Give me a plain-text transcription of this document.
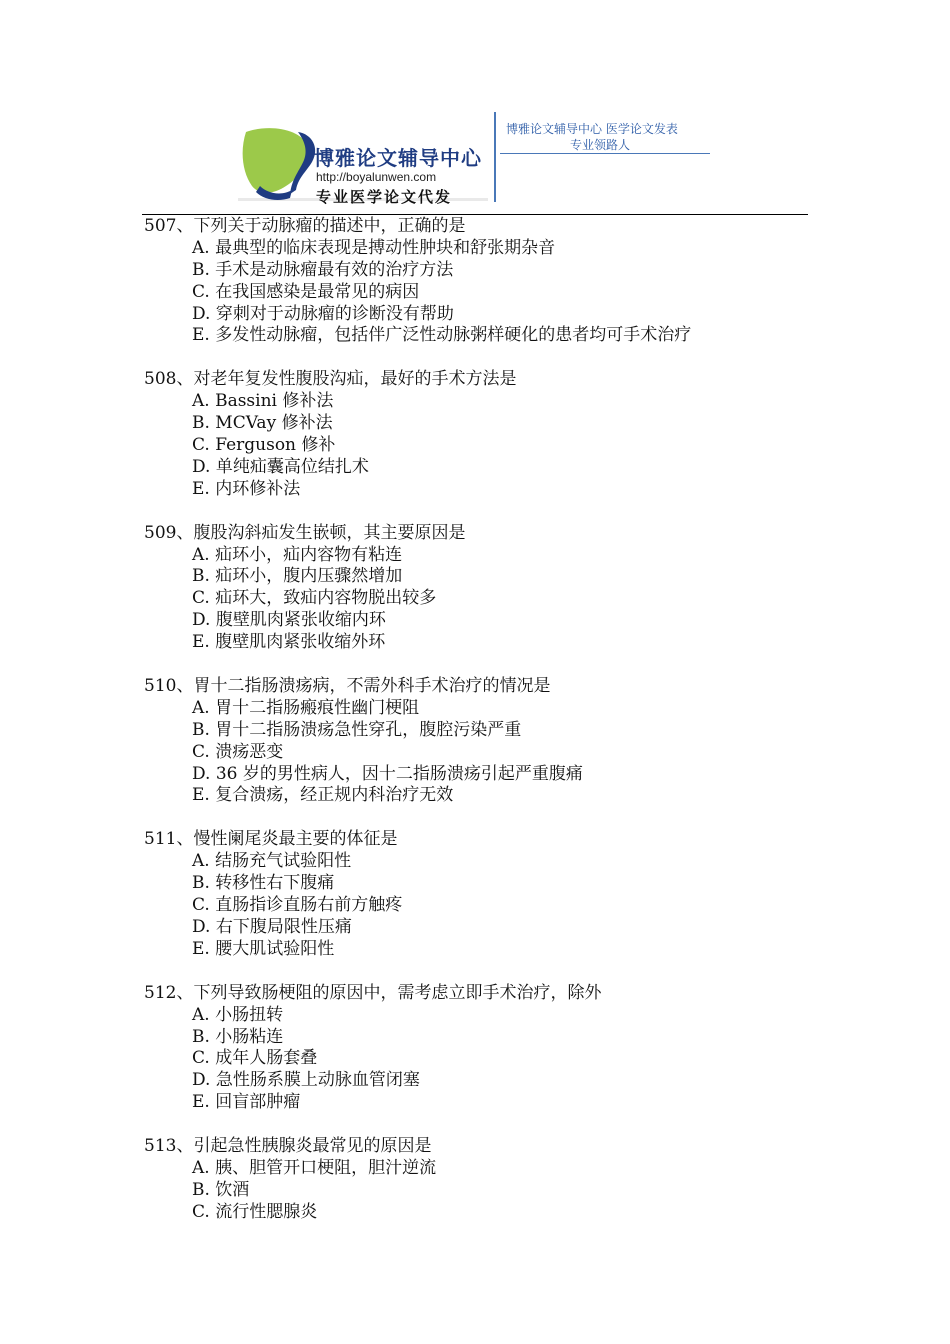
博雅论文辅导中心
http://boyalunwen.com
专业医学论文代发
博雅论文辅导中心 医学论文发表
专业领路人
507、下列关于动脉瘤的描述中，正确的是
A. 最典型的临床表现是搏动性肿块和舒张期杂音
B. 手术是动脉瘤最有效的治疗方法
C. 在我国感染是最常见的病因
D. 穿刺对于动脉瘤的诊断没有帮助
E. 多发性动脉瘤，包括伴广泛性动脉粥样硬化的患者均可手术治疗
508、对老年复发性腹股沟疝，最好的手术方法是
A. Bassini 修补法
B. MCVay 修补法
C. Ferguson 修补
D. 单纯疝囊高位结扎术
E. 内环修补法
509、腹股沟斜疝发生嵌顿，其主要原因是
A. 疝环小，疝内容物有粘连
B. 疝环小，腹内压骤然增加
C. 疝环大，致疝内容物脱出较多
D. 腹壁肌肉紧张收缩内环
E. 腹壁肌肉紧张收缩外环
510、胃十二指肠溃疡病，不需外科手术治疗的情况是
A. 胃十二指肠瘢痕性幽门梗阻
B. 胃十二指肠溃疡急性穿孔，腹腔污染严重
C. 溃疡恶变
D. 36 岁的男性病人，因十二指肠溃疡引起严重腹痛
E. 复合溃疡，经正规内科治疗无效
511、慢性阑尾炎最主要的体征是
A. 结肠充气试验阳性
B. 转移性右下腹痛
C. 直肠指诊直肠右前方触疼
D. 右下腹局限性压痛
E. 腰大肌试验阳性
512、下列导致肠梗阻的原因中，需考虑立即手术治疗，除外
A. 小肠扭转
B. 小肠粘连
C. 成年人肠套叠
D. 急性肠系膜上动脉血管闭塞
E. 回盲部肿瘤
513、引起急性胰腺炎最常见的原因是
A. 胰、胆管开口梗阻，胆汁逆流
B. 饮酒
C. 流行性腮腺炎
